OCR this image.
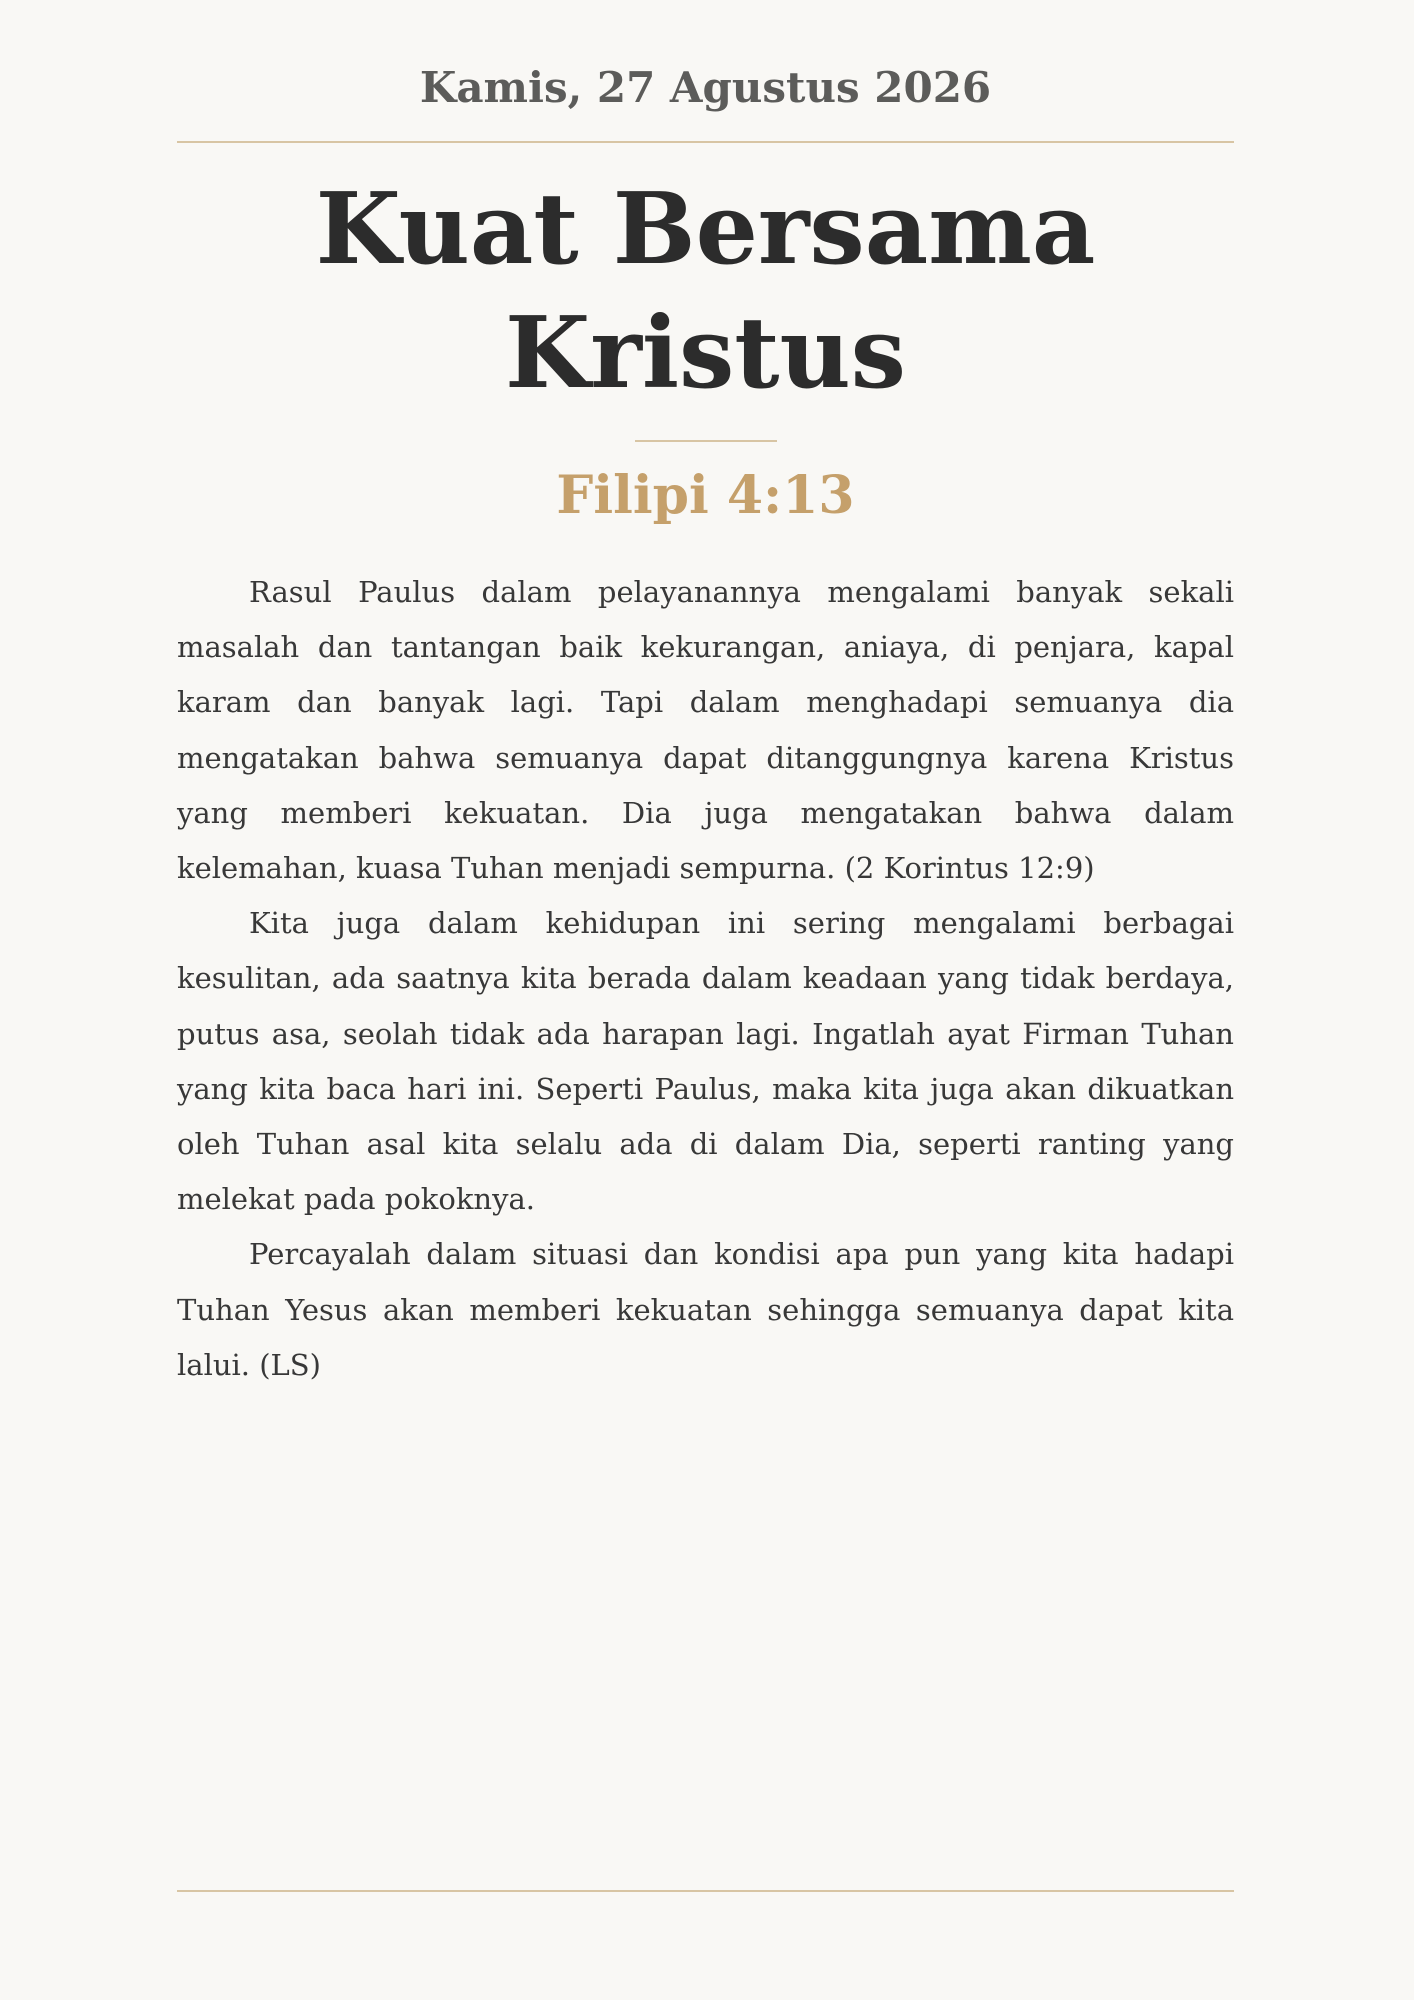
Kamis, 27 Agustus 2026
Kuat Bersama Kristus
Filipi 4:13

Rasul Paulus dalam pelayanannya mengalami banyak sekali masalah dan tantangan baik kekurangan, aniaya, di penjara, kapal karam dan banyak lagi. Tapi dalam menghadapi semuanya dia mengatakan bahwa semuanya dapat ditanggungnya karena Kristus yang memberi kekuatan. Dia juga mengatakan bahwa dalam kelemahan, kuasa Tuhan menjadi sempurna. (2 Korintus 12:9)

Kita juga dalam kehidupan ini sering mengalami berbagai kesulitan, ada saatnya kita berada dalam keadaan yang tidak berdaya, putus asa, seolah tidak ada harapan lagi. Ingatlah ayat Firman Tuhan yang kita baca hari ini. Seperti Paulus, maka kita juga akan dikuatkan oleh Tuhan asal kita selalu ada di dalam Dia, seperti ranting yang melekat pada pokoknya.

Percayalah dalam situasi dan kondisi apa pun yang kita hadapi Tuhan Yesus akan memberi kekuatan sehingga semuanya dapat kita lalui. (LS)
